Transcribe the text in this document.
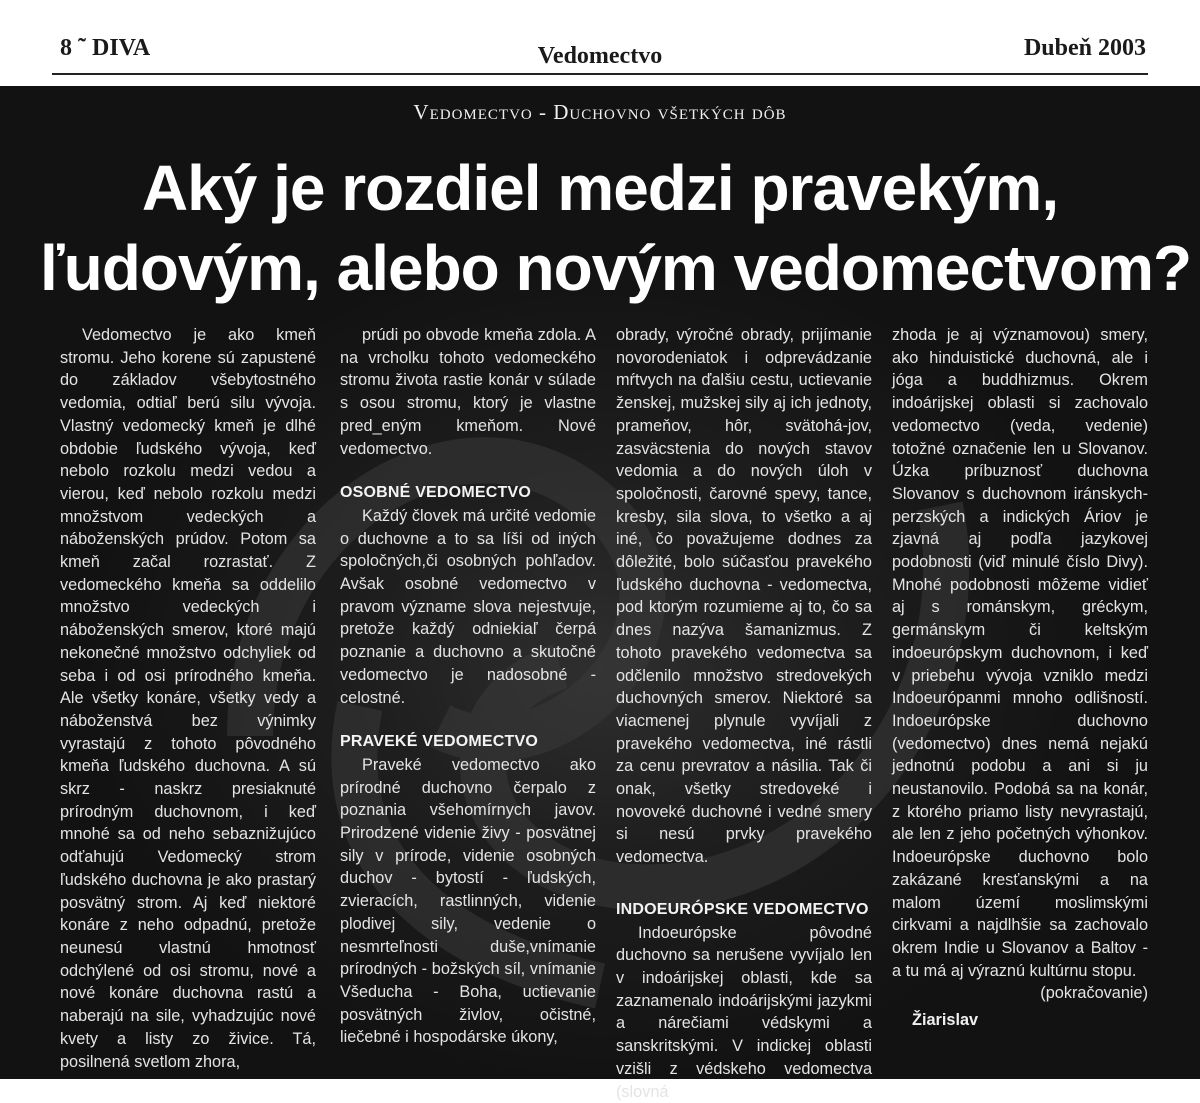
8 ˜ DIVA	Vedomectvo	Dubeň 2003
Vedomectvo - Duchovno všetkých dôb
Aký je rozdiel medzi pravekým,
ľudovým, alebo novým vedomectvom?

Vedomectvo je ako kmeň stromu. Jeho korene sú zapustené do základov všebytostného vedomia, odtiaľ berú silu vývoja. Vlastný vedomecký kmeň je dlhé obdobie ľudského vývoja, keď nebolo rozkolu medzi vedou a vierou, keď nebolo rozkolu medzi množstvom vedeckých a náboženských prúdov. Potom sa kmeň začal rozrastať. Z vedomeckého kmeňa sa oddelilo množstvo vedeckých i náboženských smerov, ktoré majú nekonečné množstvo odchyliek od seba i od osi prírodného kmeňa. Ale všetky konáre, všetky vedy a náboženstvá bez výnimky vyrastajú z tohoto pôvodného kmeňa ľudského duchovna. A sú skrz - naskrz presiaknuté prírodným duchovnom, i keď mnohé sa od neho sebaznižujúco odťahujú Vedomecký strom ľudského duchovna je ako prastarý posvätný strom. Aj keď niektoré konáre z neho odpadnú, pretože neunesú vlastnú hmotnosť odchýlené od osi stromu, nové a nové konáre duchovna rastú a naberajú na sile, vyhadzujúc nové kvety a listy zo živice. Tá, posilnená svetlom zhora,

prúdi po obvode kmeňa zdola. A na vrcholku tohoto vedomeckého stromu života rastie konár v súlade s osou stromu, ktorý je vlastne pred_eným kmeňom. Nové vedomectvo.

OSOBNÉ VEDOMECTVO

Každý človek má určité vedomie o duchovne a to sa líši od iných spoločných,či osobných pohľadov. Avšak osobné vedomectvo v pravom význame slova nejestvuje, pretože každý odniekiaľ čerpá poznanie a duchovno a skutočné vedomectvo je nadosobné - celostné.

PRAVEKÉ VEDOMECTVO

Praveké vedomectvo ako prírodné duchovno čerpalo z poznania všehomírnych javov. Prirodzené videnie živy - posvätnej sily v prírode, videnie osobných duchov - bytostí - ľudských, zvieracích, rastlinných, videnie plodivej sily, vedenie o nesmrteľnosti duše,vnímanie prírodných - božských síl, vnímanie Všeducha - Boha, uctievanie posvätných živlov, očistné, liečebné i hospodárske úkony,

obrady, výročné obrady, prijímanie novorodeniatok i odprevádzanie mŕtvych na ďalšiu cestu, uctievanie ženskej, mužskej sily aj ich jednoty, prameňov, hôr, svätohá-jov, zasväcstenia do nových stavov vedomia a do nových úloh v spoločnosti, čarovné spevy, tance, kresby, sila slova, to všetko a aj iné, čo považujeme dodnes za dôležité, bolo súčasťou pravekého ľudského duchovna - vedomectva, pod ktorým rozumieme aj to, čo sa dnes nazýva šamanizmus. Z tohoto pravekého vedomectva sa odčlenilo množstvo stredovekých duchovných smerov. Niektoré sa viacmenej plynule vyvíjali z pravekého vedomectva, iné rástli za cenu prevratov a násilia. Tak či onak, všetky stredoveké i novoveké duchovné i vedné smery si nesú prvky pravekého vedomectva.

INDOEURÓPSKE VEDOMECTVO

Indoeurópske pôvodné duchovno sa nerušene vyvíjalo len v indoárijskej oblasti, kde sa zaznamenalo indoárijskými jazykmi a nárečiami védskymi a sanskritskými. V indickej oblasti vzišli z védskeho vedomectva (slovná

zhoda je aj významovou) smery, ako hinduistické duchovná, ale i jóga a buddhizmus. Okrem indoárijskej oblasti si zachovalo vedomectvo (veda, vedenie) totožné označenie len u Slovanov. Úzka príbuznosť duchovna Slovanov s duchovnom iránskych-perzských a indických Áriov je zjavná aj podľa jazykovej podobnosti (viď minulé číslo Divy). Mnohé podobnosti môžeme vidieť aj s románskym, gréckym, germánskym či keltským indoeurópskym duchovnom, i keď v priebehu vývoja vzniklo medzi Indoeurópanmi mnoho odlišností. Indoeurópske duchovno (vedomectvo) dnes nemá nejakú jednotnú podobu a ani si ju neustanovilo. Podobá sa na konár, z ktorého priamo listy nevyrastajú, ale len z jeho početných výhonkov. Indoeurópske duchovno bolo zakázané kresťanskými a na malom území moslimskými cirkvami a najdlhšie sa zachovalo okrem Indie u Slovanov a Baltov - a tu má aj výraznú kultúrnu stopu.

(pokračovanie)
Žiarislav
